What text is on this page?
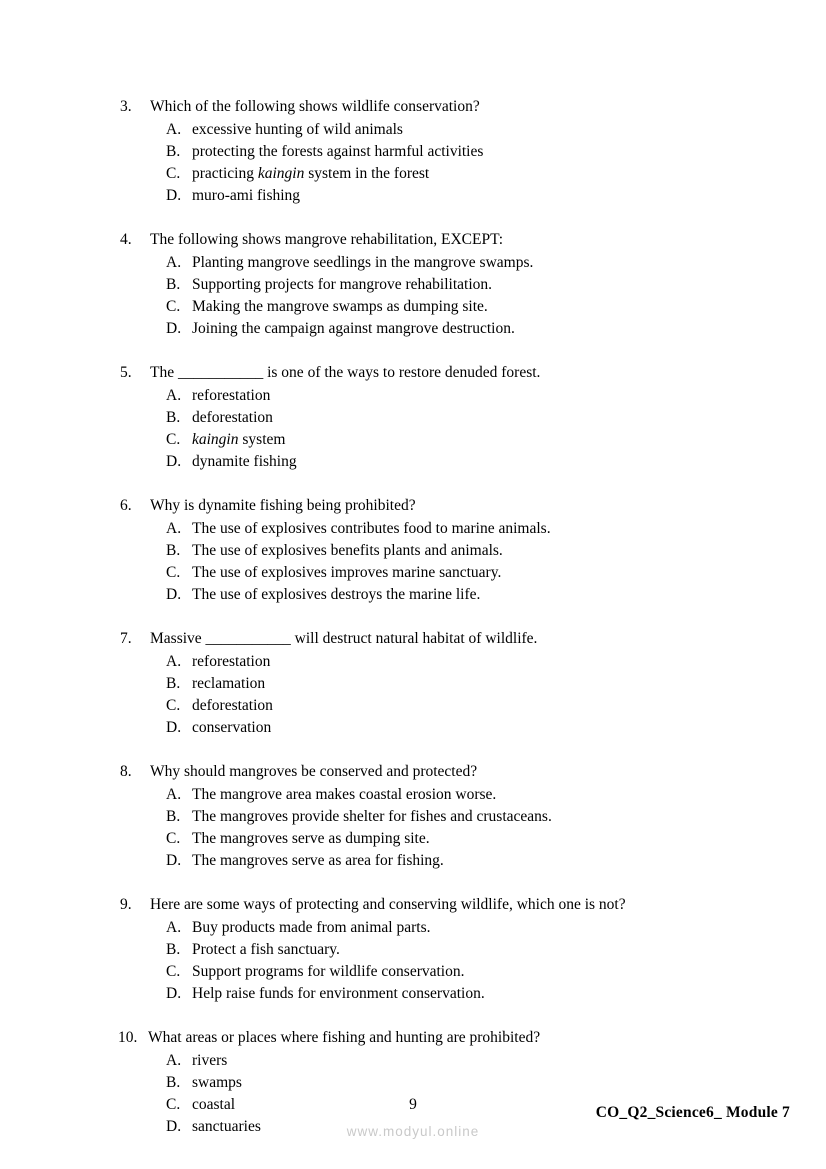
3.	Which of the following shows wildlife conservation?
A. excessive hunting of wild animals
B. protecting the forests against harmful activities
C. practicing kaingin system in the forest
D. muro-ami fishing
4.	The following shows mangrove rehabilitation, EXCEPT:
A. Planting mangrove seedlings in the mangrove swamps.
B. Supporting projects for mangrove rehabilitation.
C. Making the mangrove swamps as dumping site.
D. Joining the campaign against mangrove destruction.
5.	The ___________ is one of the ways to restore denuded forest.
A. reforestation
B. deforestation
C. kaingin system
D. dynamite fishing
6.	Why is dynamite fishing being prohibited?
A. The use of explosives contributes food to marine animals.
B. The use of explosives benefits plants and animals.
C. The use of explosives improves marine sanctuary.
D. The use of explosives destroys the marine life.
7.	Massive ___________ will destruct natural habitat of wildlife.
A. reforestation
B. reclamation
C. deforestation
D. conservation
8.	Why should mangroves be conserved and protected?
A. The mangrove area makes coastal erosion worse.
B. The mangroves provide shelter for fishes and crustaceans.
C. The mangroves serve as dumping site.
D. The mangroves serve as area for fishing.
9.	Here are some ways of protecting and conserving wildlife, which one is not?
A. Buy products made from animal parts.
B. Protect a fish sanctuary.
C. Support programs for wildlife conservation.
D. Help raise funds for environment conservation.
10. What areas or places where fishing and hunting are prohibited?
A. rivers
B. swamps
C. coastal
D. sanctuaries
9	CO_Q2_Science6_ Module 7
www.modyul.online
